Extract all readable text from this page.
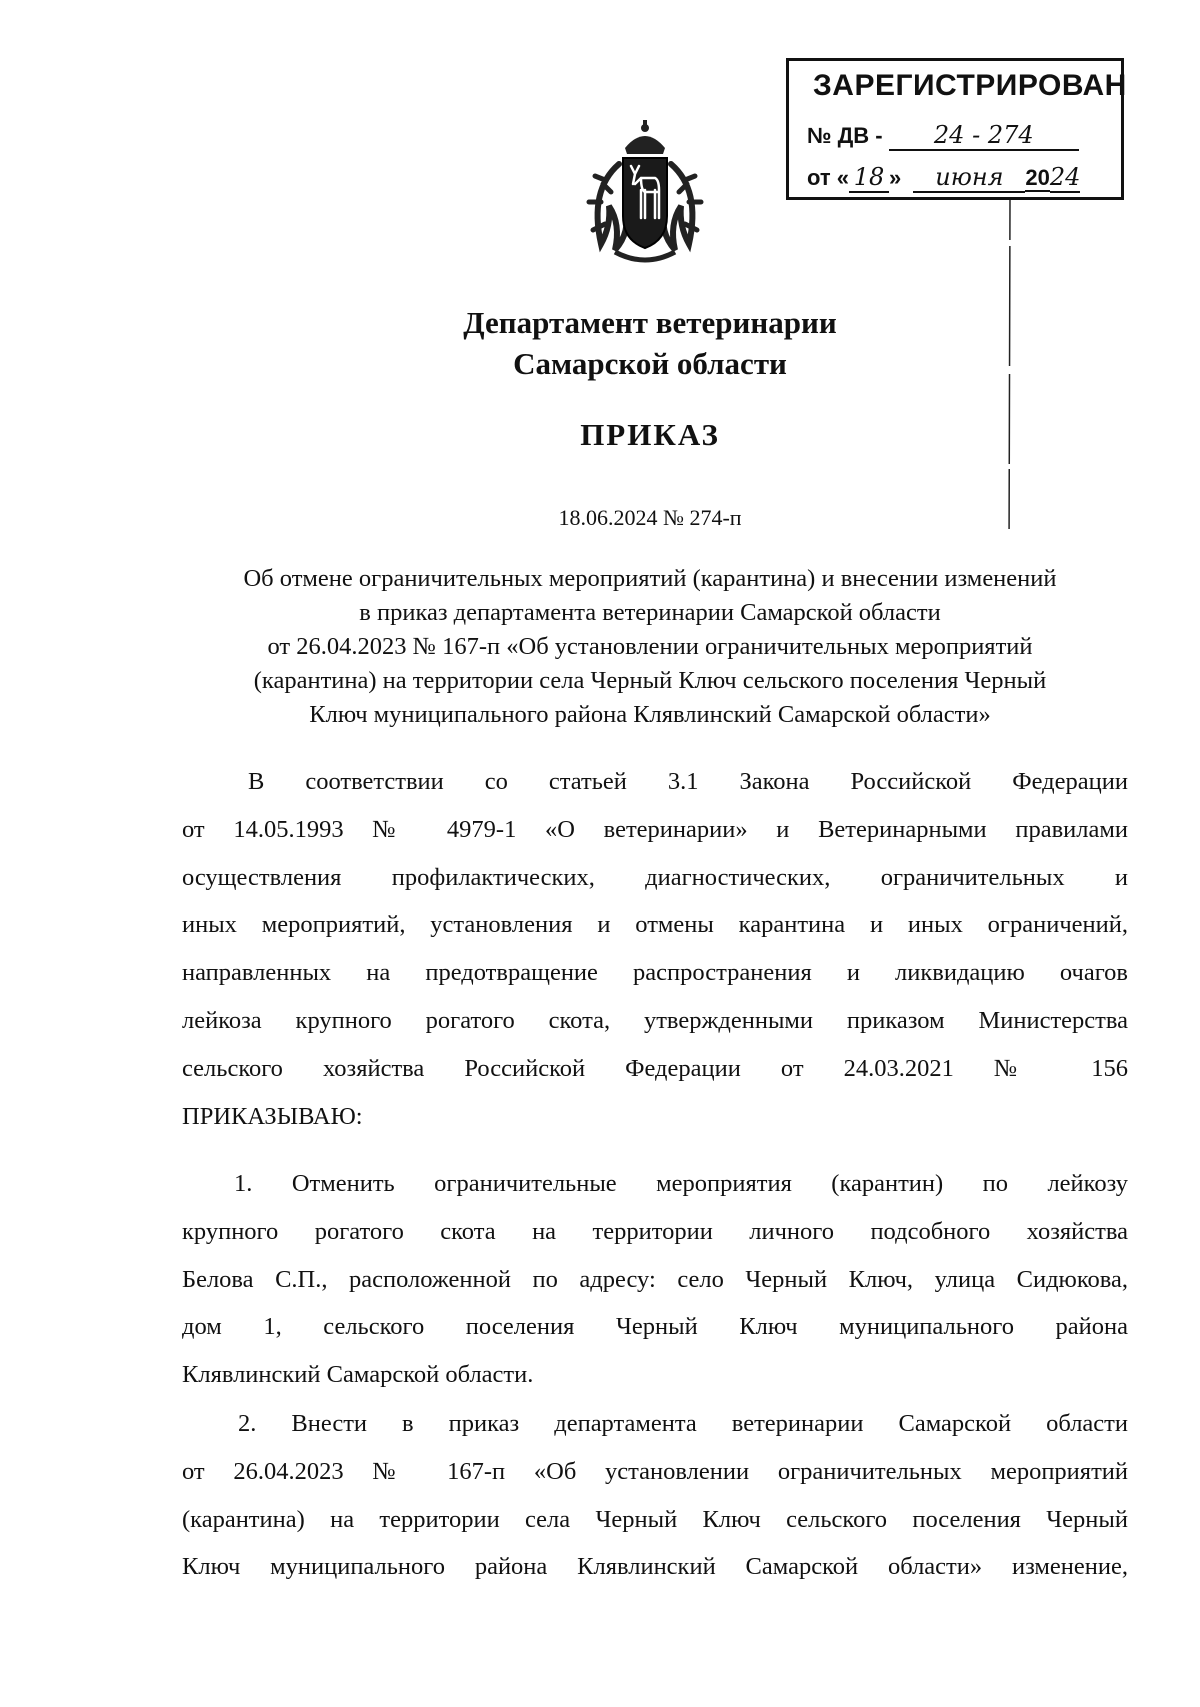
ЗАРЕГИСТРИРОВАН
№ ДВ - 24 - 274
от « 18 » июня 2024
Департамент ветеринарии
Самарской области
ПРИКАЗ
18.06.2024 № 274-п
Об отмене ограничительных мероприятий (карантина) и внесении изменений
в приказ департамента ветеринарии Самарской области
от 26.04.2023 № 167-п «Об установлении ограничительных мероприятий
(карантина) на территории села Черный Ключ сельского поселения Черный
Ключ муниципального района Клявлинский Самарской области»
В соответствии со статьей 3.1 Закона Российской Федерации
от 14.05.1993 № 4979-1 «О ветеринарии» и Ветеринарными правилами
осуществления профилактических, диагностических, ограничительных и
иных мероприятий, установления и отмены карантина и иных ограничений,
направленных на предотвращение распространения и ликвидацию очагов
лейкоза крупного рогатого скота, утвержденными приказом Министерства
сельского хозяйства Российской Федерации от 24.03.2021 № 156
ПРИКАЗЫВАЮ:
1. Отменить ограничительные мероприятия (карантин) по лейкозу
крупного рогатого скота на территории личного подсобного хозяйства
Белова С.П., расположенной по адресу: село Черный Ключ, улица Сидюкова,
дом 1, сельского поселения Черный Ключ муниципального района
Клявлинский Самарской области.
2. Внести в приказ департамента ветеринарии Самарской области
от 26.04.2023 № 167-п «Об установлении ограничительных мероприятий
(карантина) на территории села Черный Ключ сельского поселения Черный
Ключ муниципального района Клявлинский Самарской области» изменение,
